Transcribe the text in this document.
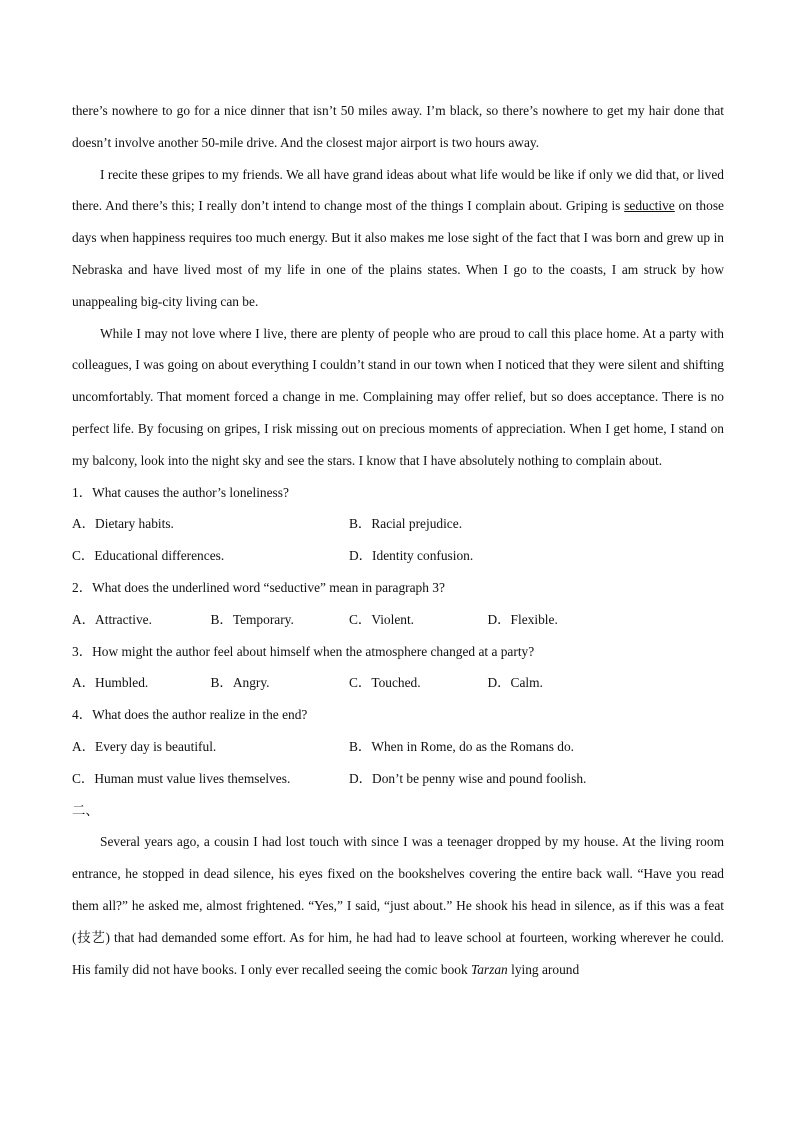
there’s nowhere to go for a nice dinner that isn’t 50 miles away. I’m black, so there’s nowhere to get my hair done that doesn’t involve another 50-mile drive. And the closest major airport is two hours away.

I recite these gripes to my friends. We all have grand ideas about what life would be like if only we did that, or lived there. And there’s this; I really don’t intend to change most of the things I complain about. Griping is seductive on those days when happiness requires too much energy. But it also makes me lose sight of the fact that I was born and grew up in Nebraska and have lived most of my life in one of the plains states. When I go to the coasts, I am struck by how unappealing big-city living can be.

While I may not love where I live, there are plenty of people who are proud to call this place home. At a party with colleagues, I was going on about everything I couldn’t stand in our town when I noticed that they were silent and shifting uncomfortably. That moment forced a change in me. Complaining may offer relief, but so does acceptance. There is no perfect life. By focusing on gripes, I risk missing out on precious moments of appreciation. When I get home, I stand on my balcony, look into the night sky and see the stars. I know that I have absolutely nothing to complain about.

1．What causes the author’s loneliness?

A．Dietary habits.	B．Racial prejudice.
C．Educational differences.	D．Identity confusion.

2．What does the underlined word “seductive” mean in paragraph 3?

A．Attractive.	B．Temporary.	C．Violent.	D．Flexible.

3．How might the author feel about himself when the atmosphere changed at a party?

A．Humbled.	B．Angry.	C．Touched.	D．Calm.

4．What does the author realize in the end?

A．Every day is beautiful.	B．When in Rome, do as the Romans do.
C．Human must value lives themselves.	D．Don’t be penny wise and pound foolish.

二、

Several years ago, a cousin I had lost touch with since I was a teenager dropped by my house. At the living room entrance, he stopped in dead silence, his eyes fixed on the bookshelves covering the entire back wall. “Have you read them all?” he asked me, almost frightened. “Yes,” I said, “just about.” He shook his head in silence, as if this was a feat (技艺) that had demanded some effort. As for him, he had had to leave school at fourteen, working wherever he could. His family did not have books. I only ever recalled seeing the comic book Tarzan lying around
